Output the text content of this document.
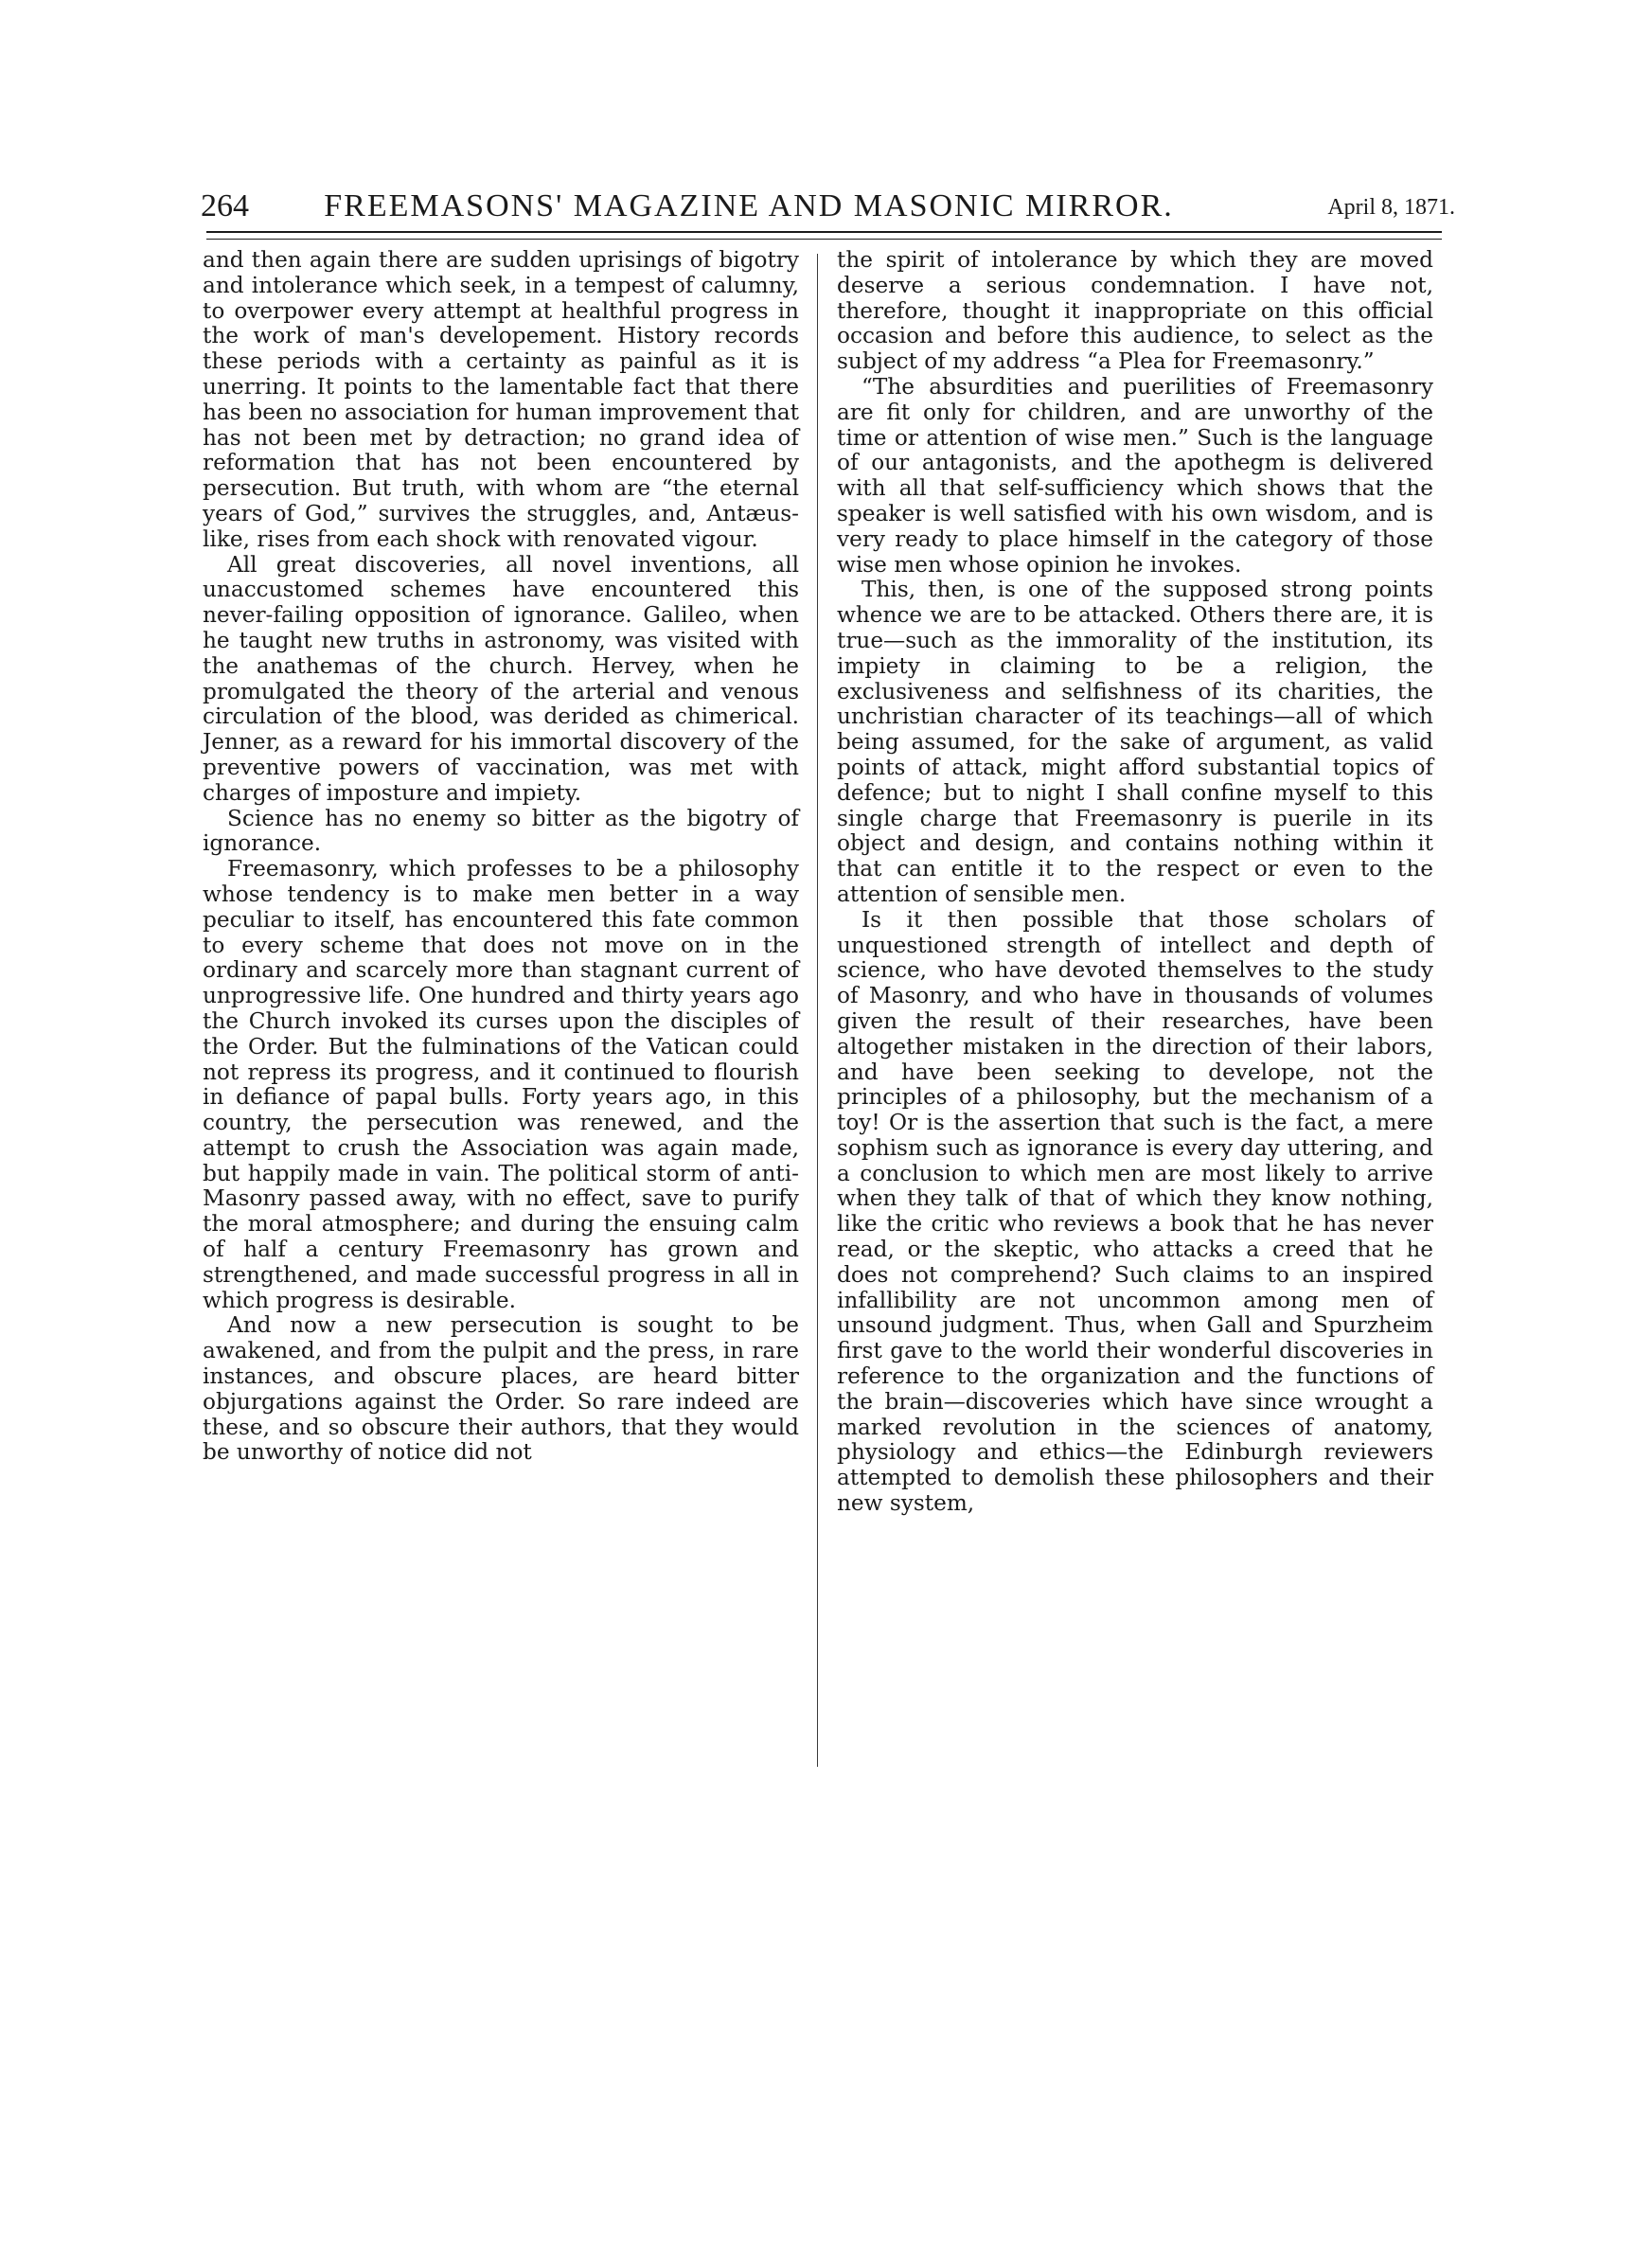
264	FREEMASONS' MAGAZINE AND MASONIC MIRROR.	April 8, 1871.

and then again there are sudden uprisings of bigotry and intolerance which seek, in a tempest of calumny, to overpower every attempt at healthful progress in the work of man's developement. History records these periods with a certainty as painful as it is unerring. It points to the lamentable fact that there has been no association for human improvement that has not been met by detraction; no grand idea of reformation that has not been encountered by persecution. But truth, with whom are “the eternal years of God,” survives the struggles, and, Antæus-like, rises from each shock with renovated vigour.

All great discoveries, all novel inventions, all unaccustomed schemes have encountered this never-failing opposition of ignorance. Galileo, when he taught new truths in astronomy, was visited with the anathemas of the church. Hervey, when he promulgated the theory of the arterial and venous circulation of the blood, was derided as chimerical. Jenner, as a reward for his immortal discovery of the preventive powers of vaccination, was met with charges of imposture and impiety.

Science has no enemy so bitter as the bigotry of ignorance.

Freemasonry, which professes to be a philosophy whose tendency is to make men better in a way peculiar to itself, has encountered this fate common to every scheme that does not move on in the ordinary and scarcely more than stagnant current of unprogressive life. One hundred and thirty years ago the Church invoked its curses upon the disciples of the Order. But the fulminations of the Vatican could not repress its progress, and it continued to flourish in defiance of papal bulls. Forty years ago, in this country, the persecution was renewed, and the attempt to crush the Association was again made, but happily made in vain. The political storm of anti-Masonry passed away, with no effect, save to purify the moral atmosphere; and during the ensuing calm of half a century Freemasonry has grown and strengthened, and made successful progress in all in which progress is desirable.

And now a new persecution is sought to be awakened, and from the pulpit and the press, in rare instances, and obscure places, are heard bitter objurgations against the Order. So rare indeed are these, and so obscure their authors, that they would be unworthy of notice did not

the spirit of intolerance by which they are moved deserve a serious condemnation. I have not, therefore, thought it inappropriate on this official occasion and before this audience, to select as the subject of my address “a Plea for Freemasonry.”

“The absurdities and puerilities of Freemasonry are fit only for children, and are unworthy of the time or attention of wise men.” Such is the language of our antagonists, and the apothegm is delivered with all that self-sufficiency which shows that the speaker is well satisfied with his own wisdom, and is very ready to place himself in the category of those wise men whose opinion he invokes.

This, then, is one of the supposed strong points whence we are to be attacked. Others there are, it is true—such as the immorality of the institution, its impiety in claiming to be a religion, the exclusiveness and selfishness of its charities, the unchristian character of its teachings—all of which being assumed, for the sake of argument, as valid points of attack, might afford substantial topics of defence; but to night I shall confine myself to this single charge that Freemasonry is puerile in its object and design, and contains nothing within it that can entitle it to the respect or even to the attention of sensible men.

Is it then possible that those scholars of unquestioned strength of intellect and depth of science, who have devoted themselves to the study of Masonry, and who have in thousands of volumes given the result of their researches, have been altogether mistaken in the direction of their labors, and have been seeking to develope, not the principles of a philosophy, but the mechanism of a toy! Or is the assertion that such is the fact, a mere sophism such as ignorance is every day uttering, and a conclusion to which men are most likely to arrive when they talk of that of which they know nothing, like the critic who reviews a book that he has never read, or the skeptic, who attacks a creed that he does not comprehend? Such claims to an inspired infallibility are not uncommon among men of unsound judgment. Thus, when Gall and Spurzheim first gave to the world their wonderful discoveries in reference to the organization and the functions of the brain—discoveries which have since wrought a marked revolution in the sciences of anatomy, physiology and ethics—the Edinburgh reviewers attempted to demolish these philosophers and their new system,
